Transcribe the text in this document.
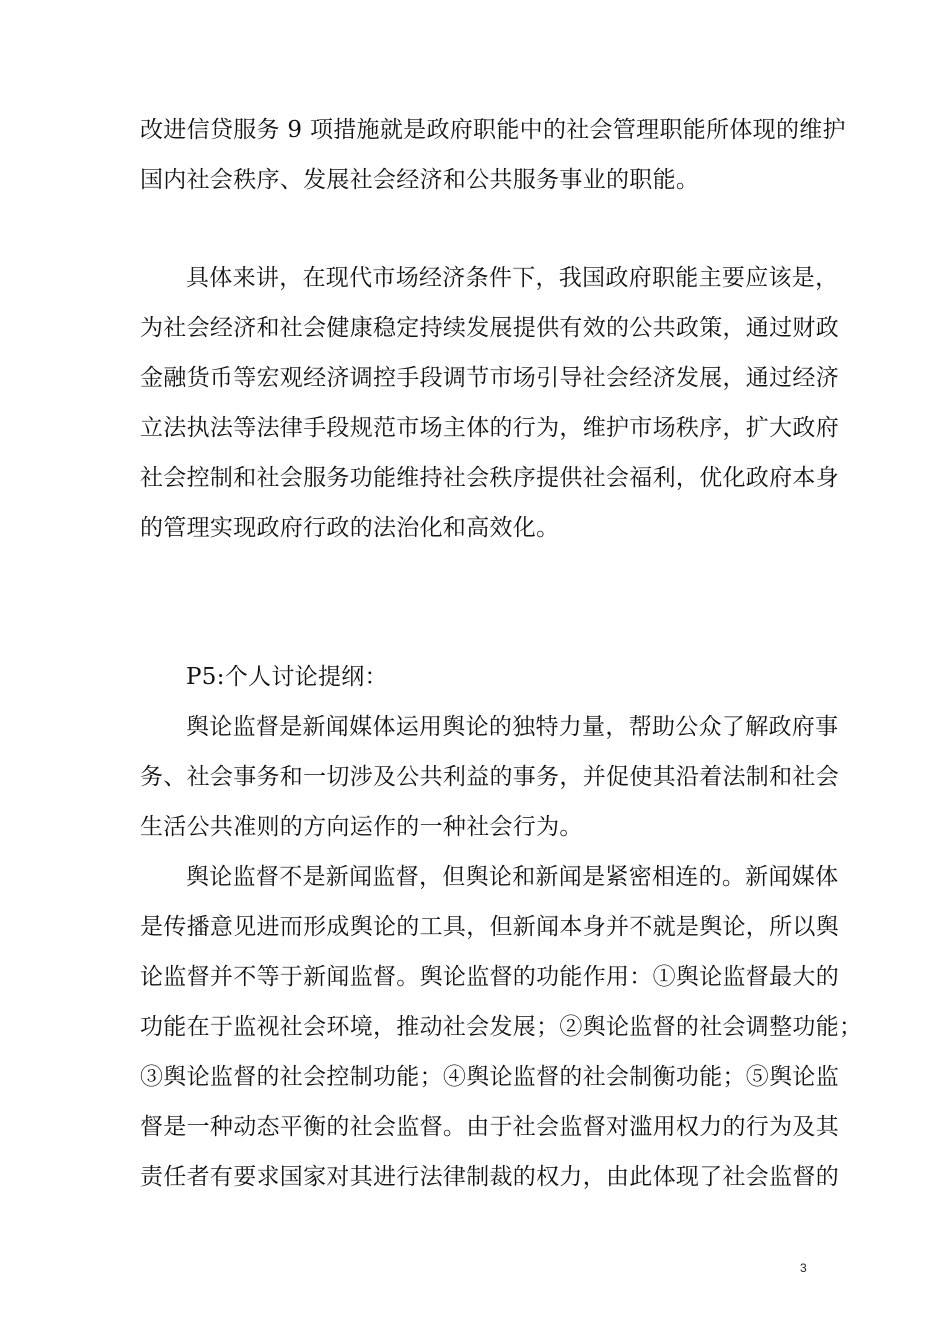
改进信贷服务 9 项措施就是政府职能中的社会管理职能所体现的维护
国内社会秩序、发展社会经济和公共服务事业的职能。
具体来讲，在现代市场经济条件下，我国政府职能主要应该是，
为社会经济和社会健康稳定持续发展提供有效的公共政策，通过财政
金融货币等宏观经济调控手段调节市场引导社会经济发展，通过经济
立法执法等法律手段规范市场主体的行为，维护市场秩序，扩大政府
社会控制和社会服务功能维持社会秩序提供社会福利，优化政府本身
的管理实现政府行政的法治化和高效化。
P5:个人讨论提纲：
舆论监督是新闻媒体运用舆论的独特力量，帮助公众了解政府事
务、社会事务和一切涉及公共利益的事务，并促使其沿着法制和社会
生活公共准则的方向运作的一种社会行为。
舆论监督不是新闻监督，但舆论和新闻是紧密相连的。新闻媒体
是传播意见进而形成舆论的工具，但新闻本身并不就是舆论，所以舆
论监督并不等于新闻监督。舆论监督的功能作用：①舆论监督最大的
功能在于监视社会环境，推动社会发展；②舆论监督的社会调整功能；
③舆论监督的社会控制功能；④舆论监督的社会制衡功能；⑤舆论监
督是一种动态平衡的社会监督。由于社会监督对滥用权力的行为及其
责任者有要求国家对其进行法律制裁的权力，由此体现了社会监督的
3
